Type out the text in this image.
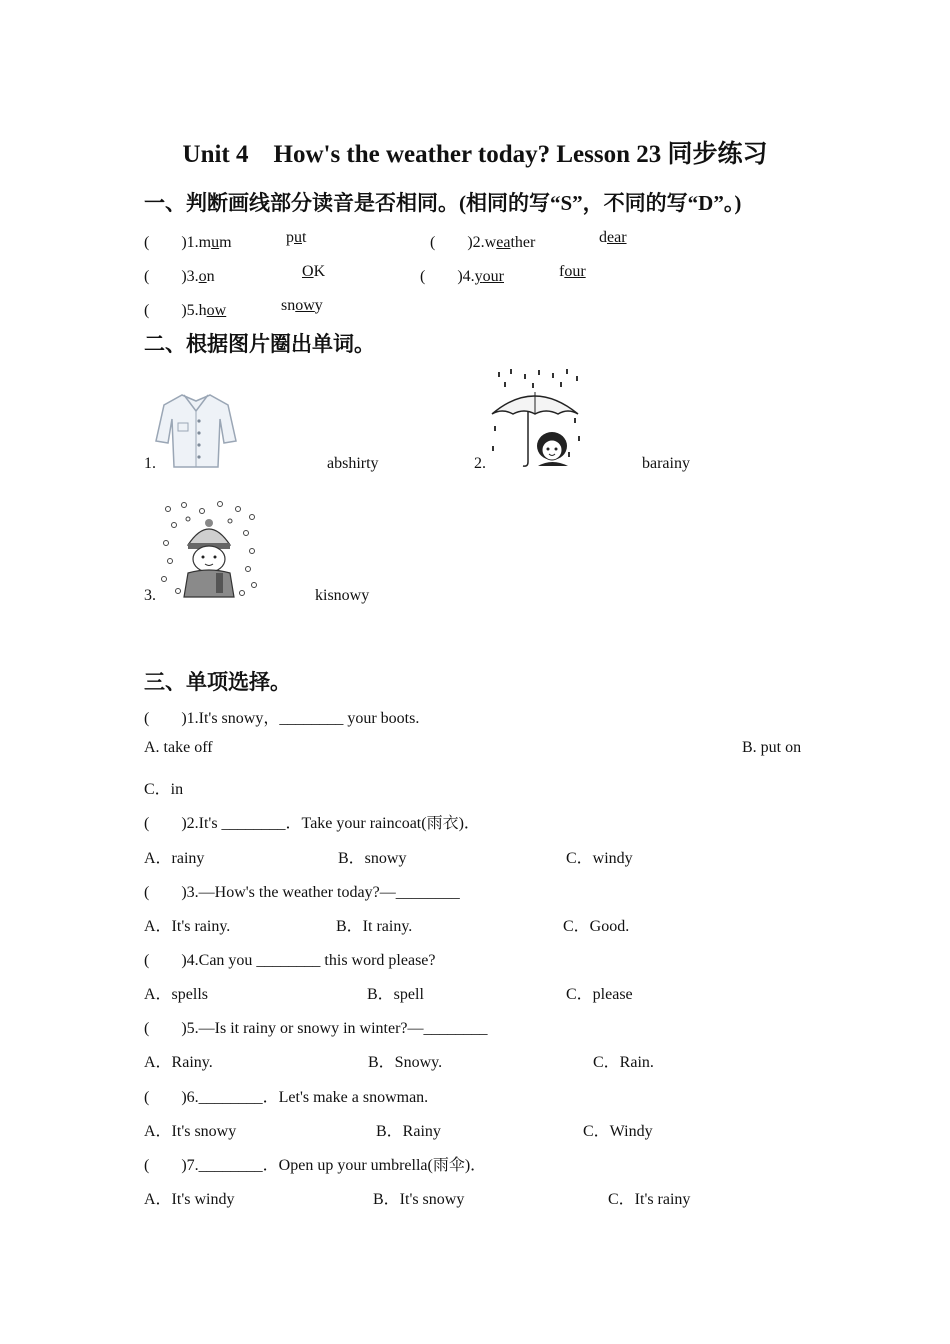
Unit 4　How's the weather today? Lesson 23 同步练习
一、判断画线部分读音是否相同。(相同的写“S”，不同的写“D”。)
(　　)1.mum	put	(　　)2.weather	dear
(　　)3.on	OK	(　　)4.your	four
(　　)5.how	snowy
二、根据图片圈出单词。
1.	abshirty	2.	barainy
3.	kisnowy
三、单项选择。
(　　)1.It's snowy，________ your boots.
A. take off	B. put on
C．in
(　　)2.It's ________．Take your raincoat(雨衣)．
A．rainy	B．snowy	C．windy
(　　)3.—How's the weather today?—________
A．It's rainy.	B．It rainy.	C．Good.
(　　)4.Can you ________ this word please?
A．spells	B．spell	C．please
(　　)5.—Is it rainy or snowy in winter?—________
A．Rainy.	B．Snowy.	C．Rain.
(　　)6.________．Let's make a snowman.
A．It's snowy	B．Rainy	C．Windy
(　　)7.________．Open up your umbrella(雨伞)．
A．It's windy	B．It's snowy	C．It's rainy
